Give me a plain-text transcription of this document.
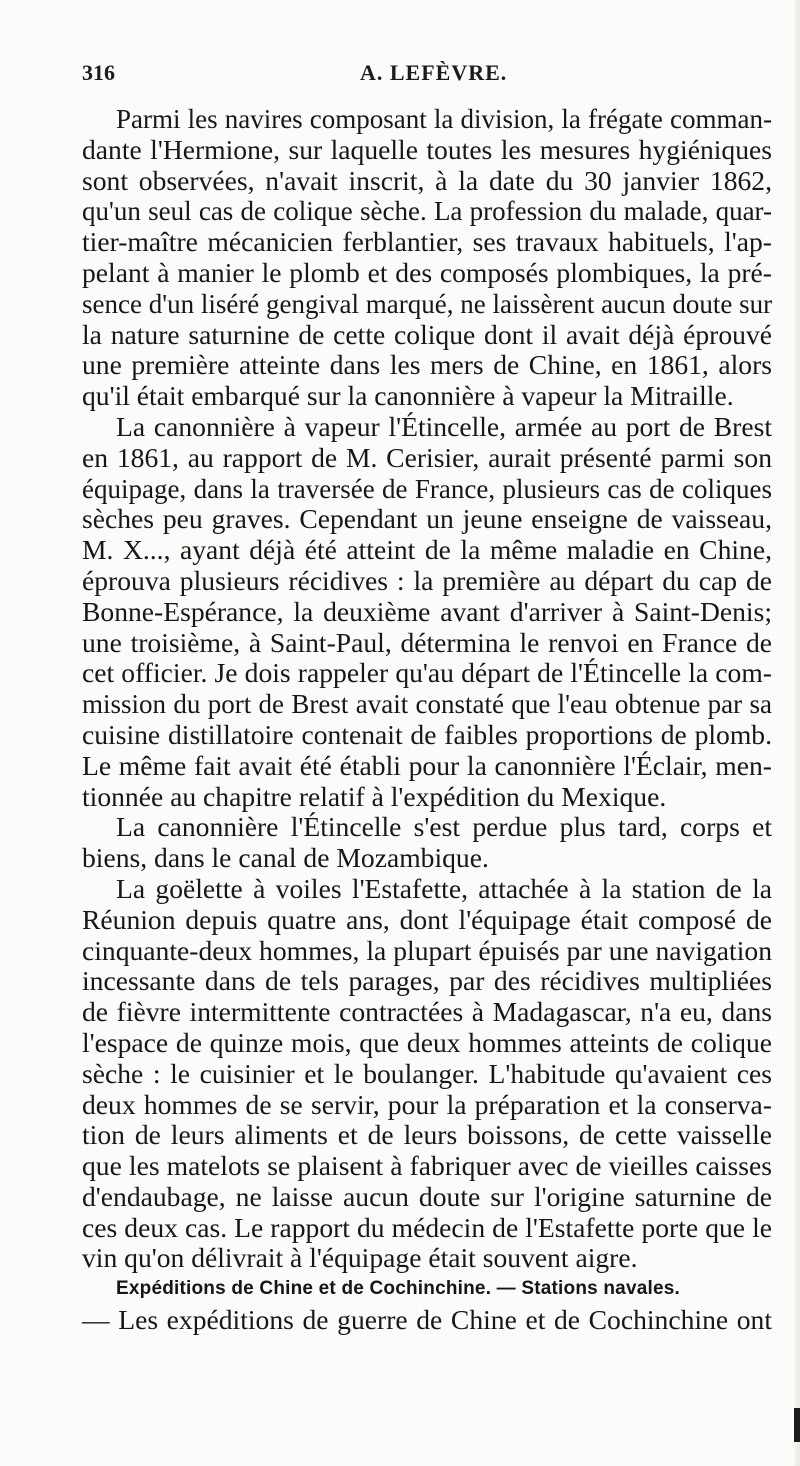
316	A. LEFÈVRE.
Parmi les navires composant la division, la frégate comman-
dante l'Hermione, sur laquelle toutes les mesures hygiéniques
sont observées, n'avait inscrit, à la date du 30 janvier 1862,
qu'un seul cas de colique sèche. La profession du malade, quar-
tier-maître mécanicien ferblantier, ses travaux habituels, l'ap-
pelant à manier le plomb et des composés plombiques, la pré-
sence d'un liséré gengival marqué, ne laissèrent aucun doute sur
la nature saturnine de cette colique dont il avait déjà éprouvé
une première atteinte dans les mers de Chine, en 1861, alors
qu'il était embarqué sur la canonnière à vapeur la Mitraille.
La canonnière à vapeur l'Étincelle, armée au port de Brest
en 1861, au rapport de M. Cerisier, aurait présenté parmi son
équipage, dans la traversée de France, plusieurs cas de coliques
sèches peu graves. Cependant un jeune enseigne de vaisseau,
M. X..., ayant déjà été atteint de la même maladie en Chine,
éprouva plusieurs récidives : la première au départ du cap de
Bonne-Espérance, la deuxième avant d'arriver à Saint-Denis;
une troisième, à Saint-Paul, détermina le renvoi en France de
cet officier. Je dois rappeler qu'au départ de l'Étincelle la com-
mission du port de Brest avait constaté que l'eau obtenue par sa
cuisine distillatoire contenait de faibles proportions de plomb.
Le même fait avait été établi pour la canonnière l'Éclair, men-
tionnée au chapitre relatif à l'expédition du Mexique.
La canonnière l'Étincelle s'est perdue plus tard, corps et
biens, dans le canal de Mozambique.
La goëlette à voiles l'Estafette, attachée à la station de la
Réunion depuis quatre ans, dont l'équipage était composé de
cinquante-deux hommes, la plupart épuisés par une navigation
incessante dans de tels parages, par des récidives multipliées
de fièvre intermittente contractées à Madagascar, n'a eu, dans
l'espace de quinze mois, que deux hommes atteints de colique
sèche : le cuisinier et le boulanger. L'habitude qu'avaient ces
deux hommes de se servir, pour la préparation et la conserva-
tion de leurs aliments et de leurs boissons, de cette vaisselle
que les matelots se plaisent à fabriquer avec de vieilles caisses
d'endaubage, ne laisse aucun doute sur l'origine saturnine de
ces deux cas. Le rapport du médecin de l'Estafette porte que le
vin qu'on délivrait à l'équipage était souvent aigre.
Expéditions de Chine et de Cochinchine. — Stations navales.
— Les expéditions de guerre de Chine et de Cochinchine ont
